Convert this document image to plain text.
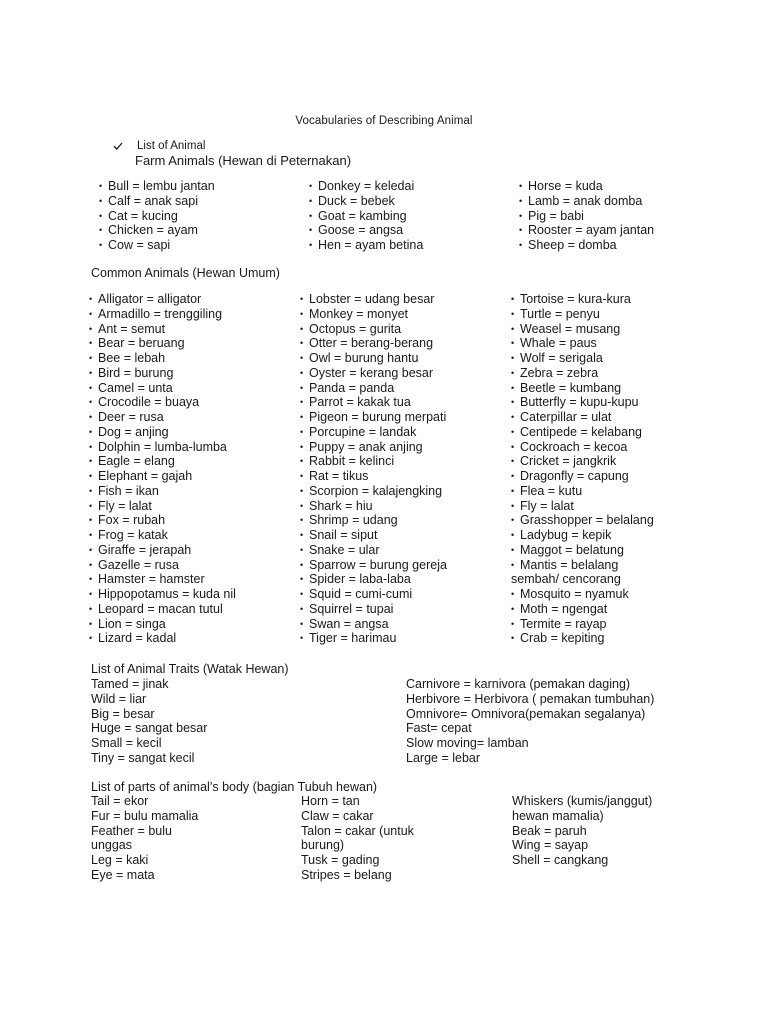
Vocabularies of Describing Animal
List of Animal
Farm Animals (Hewan di Peternakan)
• Bull = lembu jantan
• Calf = anak sapi
• Cat = kucing
• Chicken = ayam
• Cow = sapi
• Donkey = keledai
• Duck = bebek
• Goat = kambing
• Goose = angsa
• Hen = ayam betina
• Horse = kuda
• Lamb = anak domba
• Pig = babi
• Rooster = ayam jantan
• Sheep = domba
Common Animals (Hewan Umum)
• Alligator = alligator
• Armadillo = trenggiling
• Ant = semut
• Bear = beruang
• Bee = lebah
• Bird = burung
• Camel = unta
• Crocodile = buaya
• Deer = rusa
• Dog = anjing
• Dolphin = lumba-lumba
• Eagle = elang
• Elephant = gajah
• Fish = ikan
• Fly = lalat
• Fox = rubah
• Frog = katak
• Giraffe = jerapah
• Gazelle = rusa
• Hamster = hamster
• Hippopotamus = kuda nil
• Leopard = macan tutul
• Lion = singa
• Lizard = kadal
• Lobster = udang besar
• Monkey = monyet
• Octopus = gurita
• Otter = berang-berang
• Owl = burung hantu
• Oyster = kerang besar
• Panda = panda
• Parrot = kakak tua
• Pigeon = burung merpati
• Porcupine = landak
• Puppy = anak anjing
• Rabbit = kelinci
• Rat = tikus
• Scorpion = kalajengking
• Shark = hiu
• Shrimp = udang
• Snail = siput
• Snake = ular
• Sparrow = burung gereja
• Spider = laba-laba
• Squid = cumi-cumi
• Squirrel = tupai
• Swan = angsa
• Tiger = harimau
• Tortoise = kura-kura
• Turtle = penyu
• Weasel = musang
• Whale = paus
• Wolf = serigala
• Zebra = zebra
• Beetle = kumbang
• Butterfly = kupu-kupu
• Caterpillar = ulat
• Centipede = kelabang
• Cockroach = kecoa
• Cricket = jangkrik
• Dragonfly = capung
• Flea = kutu
• Fly = lalat
• Grasshopper = belalang
• Ladybug = kepik
• Maggot = belatung
• Mantis = belalang
sembah/ cencorang
• Mosquito = nyamuk
• Moth = ngengat
• Termite = rayap
• Crab = kepiting
List of Animal Traits (Watak Hewan)
Tamed = jinak
Wild = liar
Big = besar
Huge = sangat besar
Small = kecil
Tiny = sangat kecil
Carnivore = karnivora (pemakan daging)
Herbivore = Herbivora ( pemakan tumbuhan)
Omnivore= Omnivora(pemakan segalanya)
Fast= cepat
Slow moving= lamban
Large = lebar
List of parts of animal’s body (bagian Tubuh hewan)
Tail = ekor
Fur = bulu mamalia
Feather = bulu
unggas
Leg = kaki
Eye = mata
Horn = tan
Claw = cakar
Talon = cakar (untuk
burung)
Tusk = gading
Stripes = belang
Whiskers (kumis/janggut)
hewan mamalia)
Beak = paruh
Wing = sayap
Shell = cangkang
